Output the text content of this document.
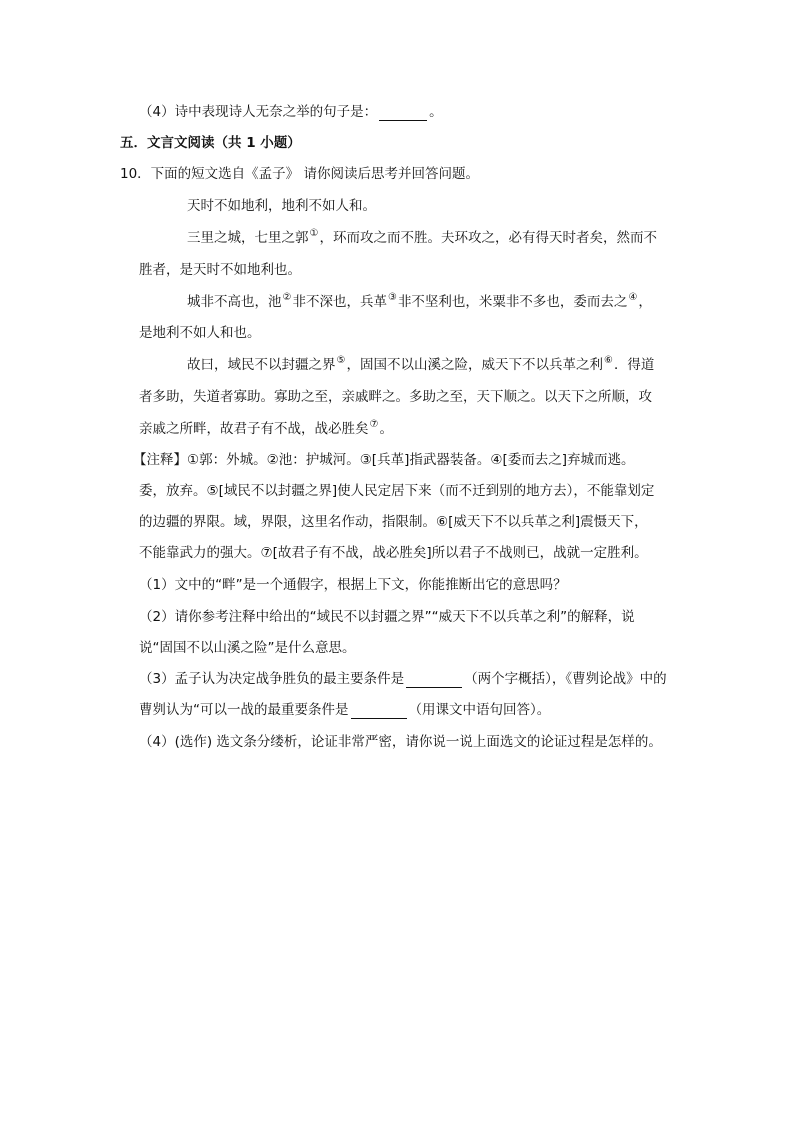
（4）诗中表现诗人无奈之举的句子是：	。
五．文言文阅读（共 1 小题）
10．下面的短文选自《孟子》 请你阅读后思考并回答问题。
天时不如地利，地利不如人和。
三里之城，七里之郭①，环而攻之而不胜。夫环攻之，必有得天时者矣，然而不
胜者，是天时不如地利也。
城非不高也，池②非不深也，兵革③非不坚利也，米粟非不多也，委而去之④，
是地利不如人和也。
故曰，域民不以封疆之界⑤，固国不以山溪之险，威天下不以兵革之利⑥．得道
者多助，失道者寡助。寡助之至，亲戚畔之。多助之至，天下顺之。以天下之所顺，攻
亲戚之所畔，故君子有不战，战必胜矣⑦。
【注释】①郭：外城。②池：护城河。③[兵革]指武器装备。④[委而去之]弃城而逃。
委，放弃。⑤[域民不以封疆之界]使人民定居下来（而不迁到别的地方去），不能靠划定
的边疆的界限。域，界限，这里名作动，指限制。⑥[威天下不以兵革之利]震慑天下，
不能靠武力的强大。⑦[故君子有不战，战必胜矣]所以君子不战则已，战就一定胜利。
（1）文中的“畔”是一个通假字，根据上下文，你能推断出它的意思吗？
（2）请你参考注释中给出的“域民不以封疆之界”“威天下不以兵革之利”的解释，说
说“固国不以山溪之险”是什么意思。
（3）孟子认为决定战争胜负的最主要条件是	（两个字概括），《曹刿论战》中的
曹刿认为“可以一战的最重要条件是	（用课文中语句回答）。
（4）(选作) 选文条分缕析，论证非常严密，请你说一说上面选文的论证过程是怎样的。
